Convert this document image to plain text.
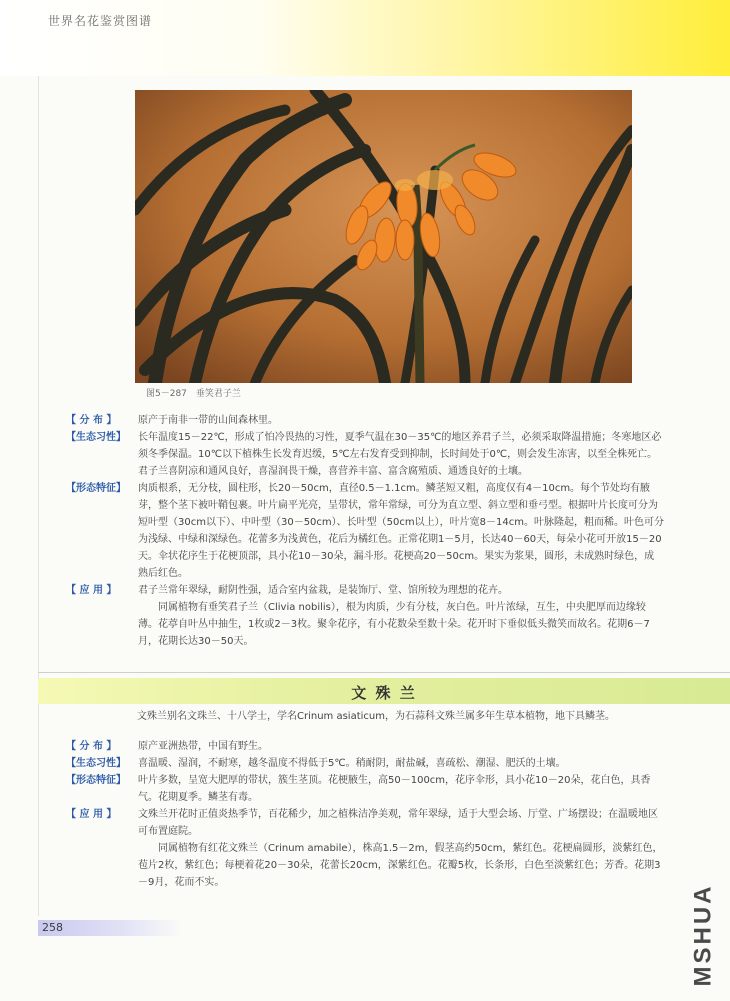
世界名花鉴赏图谱
图5－287　垂笑君子兰
【 分 布 】	原产于南非一带的山间森林里。
【生态习性】	长年温度15－22℃，形成了怕冷畏热的习性，夏季气温在30－35℃的地区养君子兰，必须采取降温措施；冬寒地区必须冬季保温。10℃以下植株生长发育迟缓，5℃左右发育受到抑制，长时间处于0℃，则会发生冻害，以至全株死亡。君子兰喜阴凉和通风良好，喜湿润畏干燥，喜营养丰富、富含腐殖质、通透良好的土壤。
【形态特征】	肉质根系，无分枝，圆柱形，长20－50cm，直径0.5－1.1cm。鳞茎短又粗，高度仅有4－10cm。每个节处均有腋芽，整个茎下被叶鞘包裹。叶片扁平光亮，呈带状，常年常绿，可分为直立型、斜立型和垂弓型。根据叶片长度可分为短叶型（30cm以下）、中叶型（30－50cm）、长叶型（50cm以上），叶片宽8－14cm。叶脉隆起，粗而稀。叶色可分为浅绿、中绿和深绿色。花蕾多为浅黄色，花后为橘红色。正常花期1－5月，长达40－60天，每朵小花可开放15－20天。伞状花序生于花梗顶部，具小花10－30朵，漏斗形。花梗高20－50cm。果实为浆果，圆形，未成熟时绿色，成熟后红色。
【 应 用 】	君子兰常年翠绿，耐阴性强，适合室内盆栽，是装饰厅、堂、馆所较为理想的花卉。
同属植物有垂笑君子兰（Clivia nobilis），根为肉质，少有分枝，灰白色。叶片浓绿，互生，中央肥厚而边缘较薄。花葶自叶丛中抽生，1枚或2－3枚。聚伞花序，有小花数朵至数十朵。花开时下垂似低头微笑而故名。花期6－7月，花期长达30－50天。
文 殊 兰
文殊兰别名文珠兰、十八学士，学名Crinum asiaticum，为石蒜科文殊兰属多年生草本植物，地下具鳞茎。
【 分 布 】	原产亚洲热带，中国有野生。
【生态习性】	喜温暖、湿润，不耐寒，越冬温度不得低于5℃。稍耐阴，耐盐碱，喜疏松、潮湿、肥沃的土壤。
【形态特征】	叶片多数，呈宽大肥厚的带状，簇生茎顶。花梗腋生，高50－100cm，花序伞形，具小花10－20朵，花白色，具香气。花期夏季。鳞茎有毒。
【 应 用 】	文殊兰开花时正值炎热季节，百花稀少，加之植株洁净美观，常年翠绿，适于大型会场、厅堂、广场摆设；在温暖地区可布置庭院。
同属植物有红花文殊兰（Crinum amabile），株高1.5－2m，假茎高约50cm，紫红色。花梗扁圆形，淡紫红色，苞片2枚，紫红色；每梗着花20－30朵，花蕾长20cm，深紫红色。花瓣5枚，长条形，白色至淡紫红色；芳香。花期3－9月，花而不实。
258	MSHUA
